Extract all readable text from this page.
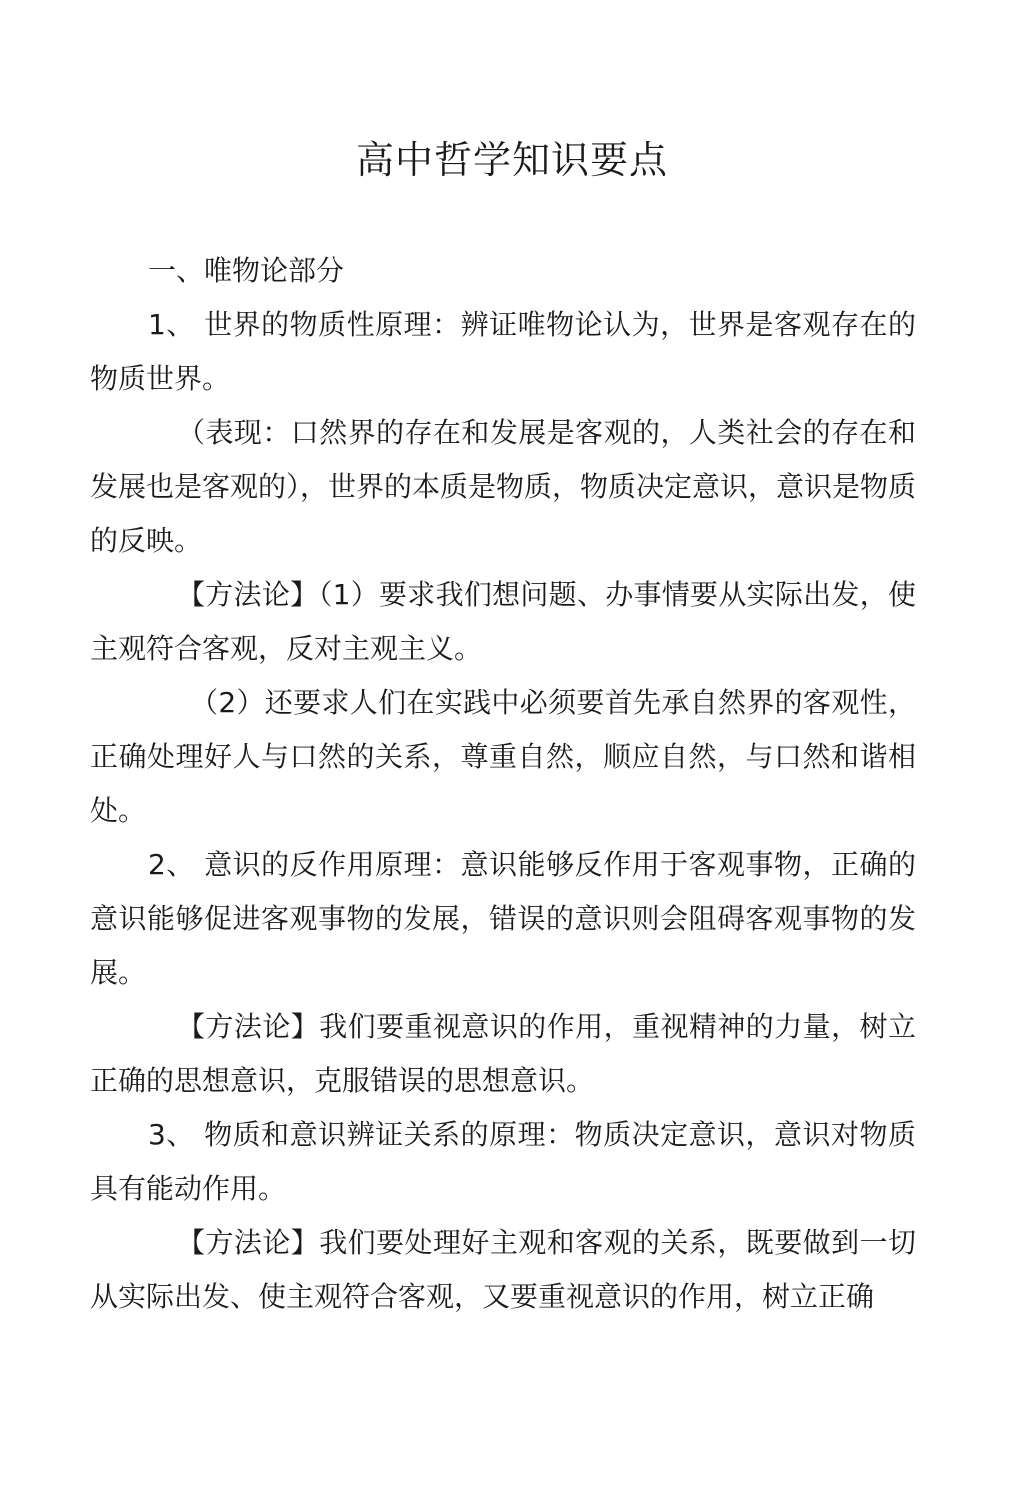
高中哲学知识要点

一、唯物论部分

1、 世界的物质性原理：辨证唯物论认为，世界是客观存在的物质世界。

（表现：口然界的存在和发展是客观的，人类社会的存在和发展也是客观的），世界的本质是物质，物质决定意识，意识是物质的反映。

【方法论】（1）要求我们想问题、办事情要从实际出发，使主观符合客观，反对主观主义。

（2）还要求人们在实践中必须要首先承自然界的客观性，正确处理好人与口然的关系，尊重自然，顺应自然，与口然和谐相处。

2、 意识的反作用原理：意识能够反作用于客观事物，正确的意识能够促进客观事物的发展，错误的意识则会阻碍客观事物的发展。

【方法论】我们要重视意识的作用，重视精神的力量，树立正确的思想意识，克服错误的思想意识。

3、 物质和意识辨证关系的原理：物质决定意识，意识对物质具有能动作用。

【方法论】我们要处理好主观和客观的关系，既要做到一切从实际出发、使主观符合客观，又要重视意识的作用，树立正确
